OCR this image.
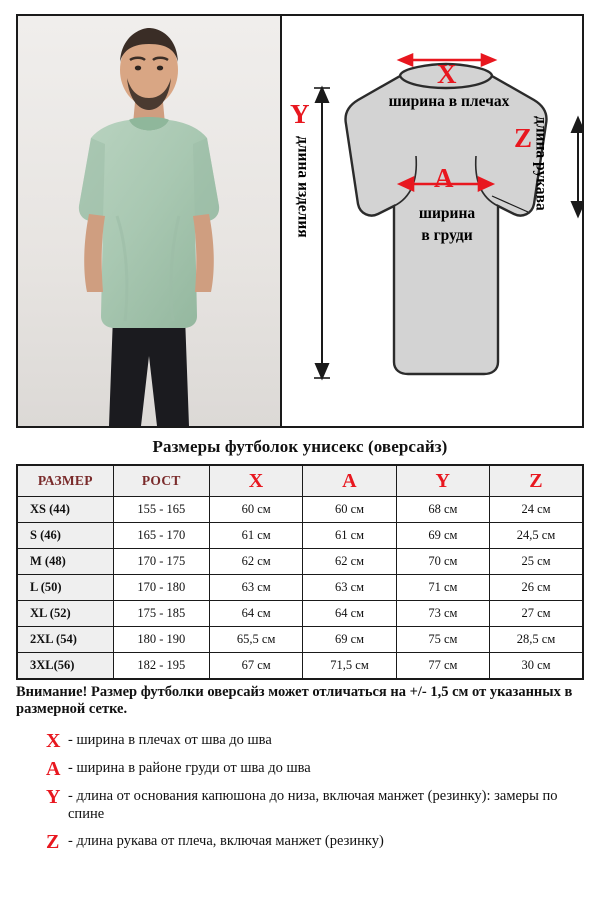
X
ширина в плечах
A
ширина
в груди
Y
длина изделия	Z длина рукава
Размеры футболок унисекс (оверсайз)
РАЗМЕР	РОСТ	X	A	Y	Z
XS (44)	155 - 165	60 см	60 см	68 см	24 см
S (46)	165 - 170	61 см	61 см	69 см	24,5 см
M (48)	170 - 175	62 см	62 см	70 см	25 см
L (50)	170 - 180	63 см	63 см	71 см	26 см
XL (52)	175 - 185	64 см	64 см	73 см	27 см
2XL (54)	180 - 190	65,5 см	69 см	75 см	28,5 см
3XL(56)	182 - 195	67 см	71,5 см	77 см	30 см
Внимание! Размер футболки оверсайз может отличаться на +/- 1,5 см от указанных в размерной сетке.
X - ширина в плечах от шва до шва
A - ширина в районе груди от шва до шва
Y - длина от основания капюшона до низа, включая манжет (резинку): замеры по спине
Z - длина рукава от плеча, включая манжет (резинку)
